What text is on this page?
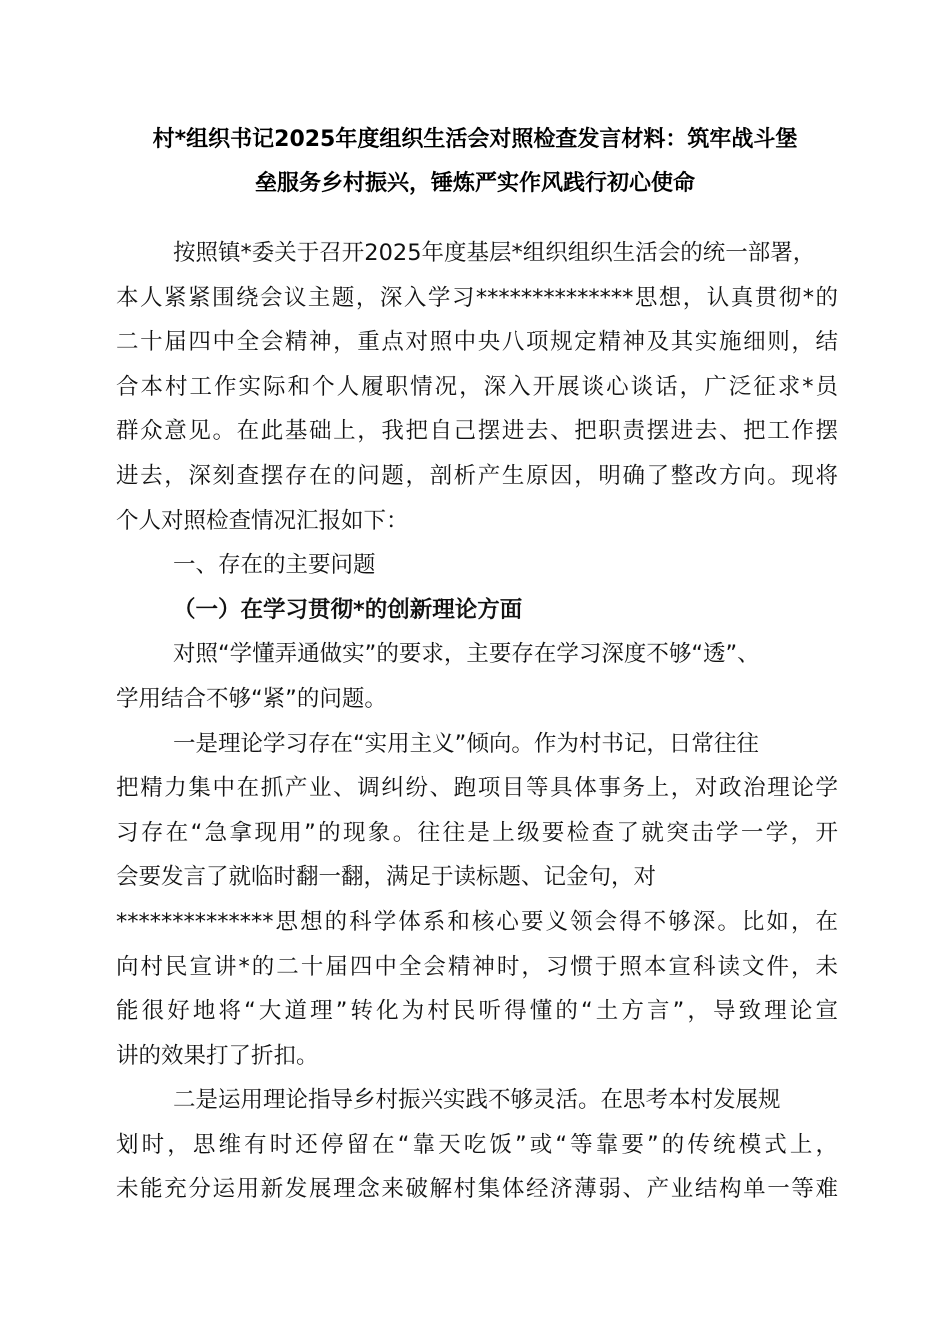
村*组织书记2025年度组织生活会对照检查发言材料：筑牢战斗堡
垒服务乡村振兴，锤炼严实作风践行初心使命
按照镇*委关于召开2025年度基层*组织组织生活会的统一部署，
本人紧紧围绕会议主题，深入学习**************思想，认真贯彻*的
二十届四中全会精神，重点对照中央八项规定精神及其实施细则，结
合本村工作实际和个人履职情况，深入开展谈心谈话，广泛征求*员
群众意见。在此基础上，我把自己摆进去、把职责摆进去、把工作摆
进去，深刻查摆存在的问题，剖析产生原因，明确了整改方向。现将
个人对照检查情况汇报如下：
一、存在的主要问题
（一）在学习贯彻*的创新理论方面
对照“学懂弄通做实”的要求，主要存在学习深度不够“透”、
学用结合不够“紧”的问题。
一是理论学习存在“实用主义”倾向。作为村书记，日常往往
把精力集中在抓产业、调纠纷、跑项目等具体事务上，对政治理论学
习存在“急拿现用”的现象。往往是上级要检查了就突击学一学，开
会要发言了就临时翻一翻，满足于读标题、记金句，对
**************思想的科学体系和核心要义领会得不够深。比如，在
向村民宣讲*的二十届四中全会精神时，习惯于照本宣科读文件，未
能很好地将“大道理”转化为村民听得懂的“土方言”，导致理论宣
讲的效果打了折扣。
二是运用理论指导乡村振兴实践不够灵活。在思考本村发展规
划时，思维有时还停留在“靠天吃饭”或“等靠要”的传统模式上，
未能充分运用新发展理念来破解村集体经济薄弱、产业结构单一等难
